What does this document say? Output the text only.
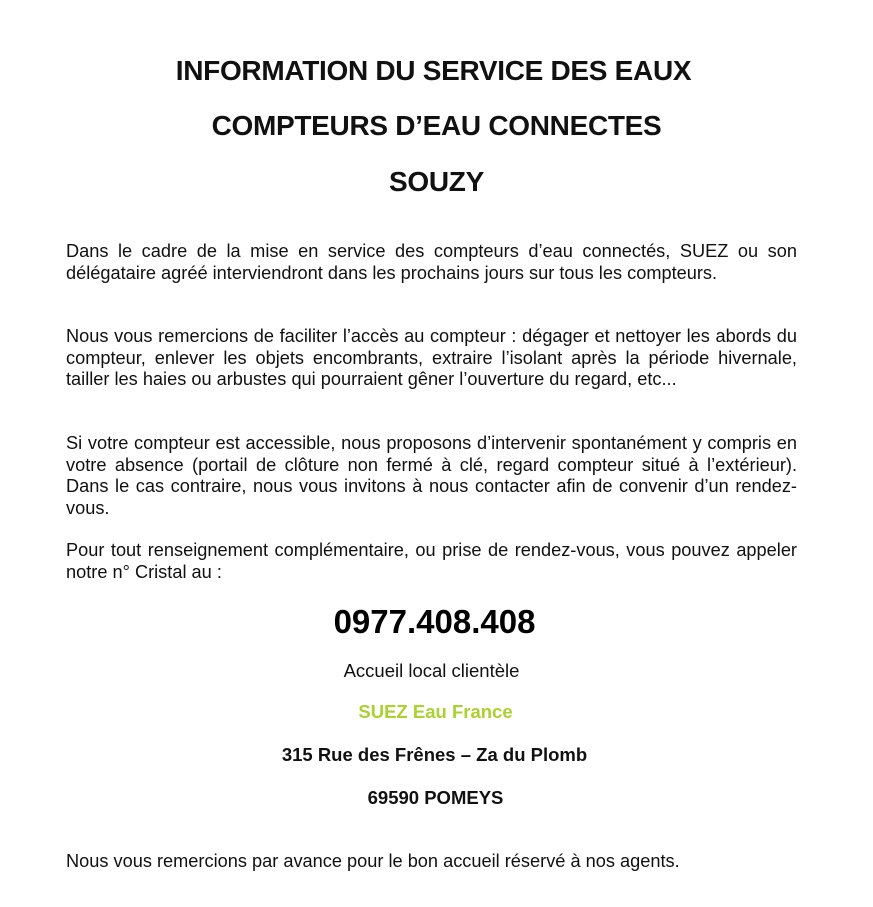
INFORMATION DU SERVICE DES EAUX
COMPTEURS D’EAU CONNECTES
SOUZY

Dans le cadre de la mise en service des compteurs d’eau connectés, SUEZ ou son délégataire agréé interviendront dans les prochains jours sur tous les compteurs.

Nous vous remercions de faciliter l’accès au compteur : dégager et nettoyer les abords du compteur, enlever les objets encombrants, extraire l’isolant après la période hivernale, tailler les haies ou arbustes qui pourraient gêner l’ouverture du regard, etc...

Si votre compteur est accessible, nous proposons d’intervenir spontanément y compris en votre absence (portail de clôture non fermé à clé, regard compteur situé à l’extérieur). Dans le cas contraire, nous vous invitons à nous contacter afin de convenir d’un rendez-vous.

Pour tout renseignement complémentaire, ou prise de rendez-vous, vous pouvez appeler notre n° Cristal au :

0977.408.408

Accueil local clientèle

SUEZ Eau France

315 Rue des Frênes – Za du Plomb

69590 POMEYS

Nous vous remercions par avance pour le bon accueil réservé à nos agents.
